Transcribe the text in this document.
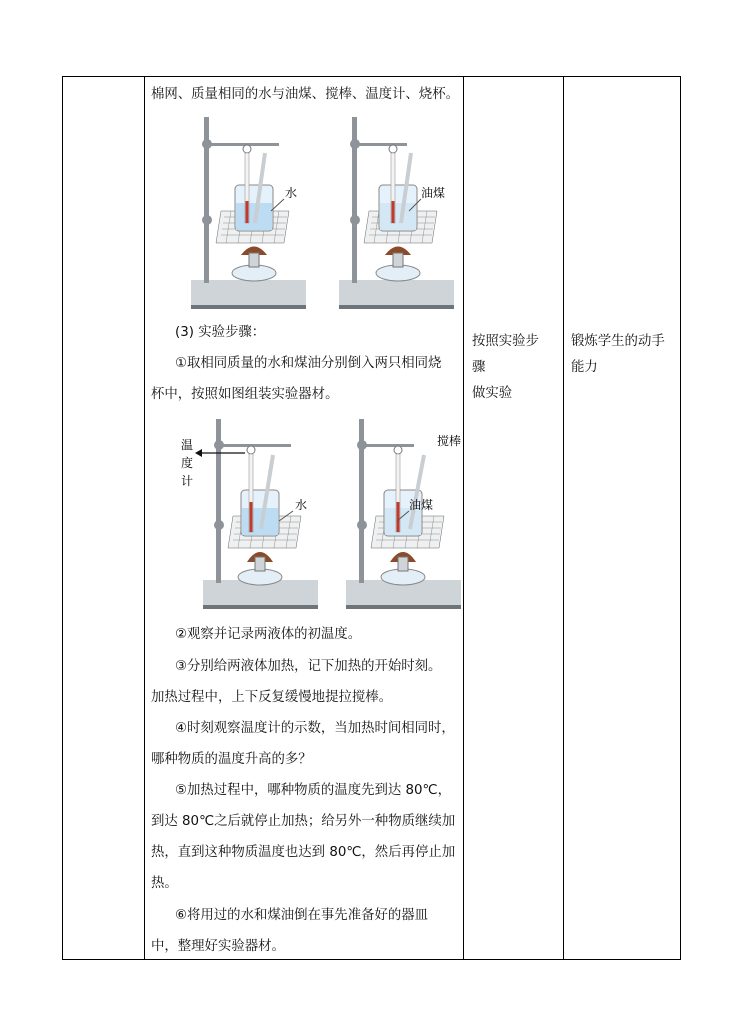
棉网、质量相同的水与油煤、搅棒、温度计、烧杯。
水	油煤
(3) 实验步骤：
①取相同质量的水和煤油分别倒入两只相同烧
杯中，按照如图组装实验器材。
温
度
计
水
搅棒
油煤
②观察并记录两液体的初温度。
③分别给两液体加热，记下加热的开始时刻。
加热过程中，上下反复缓慢地提拉搅棒。
④时刻观察温度计的示数，当加热时间相同时，
哪种物质的温度升高的多？
⑤加热过程中，哪种物质的温度先到达 80℃，
到达 80℃之后就停止加热；给另外一种物质继续加
热，直到这种物质温度也达到 80℃，然后再停止加
热。
⑥将用过的水和煤油倒在事先准备好的器皿
中，整理好实验器材。
按照实验步骤
做实验
锻炼学生的动手
能力
